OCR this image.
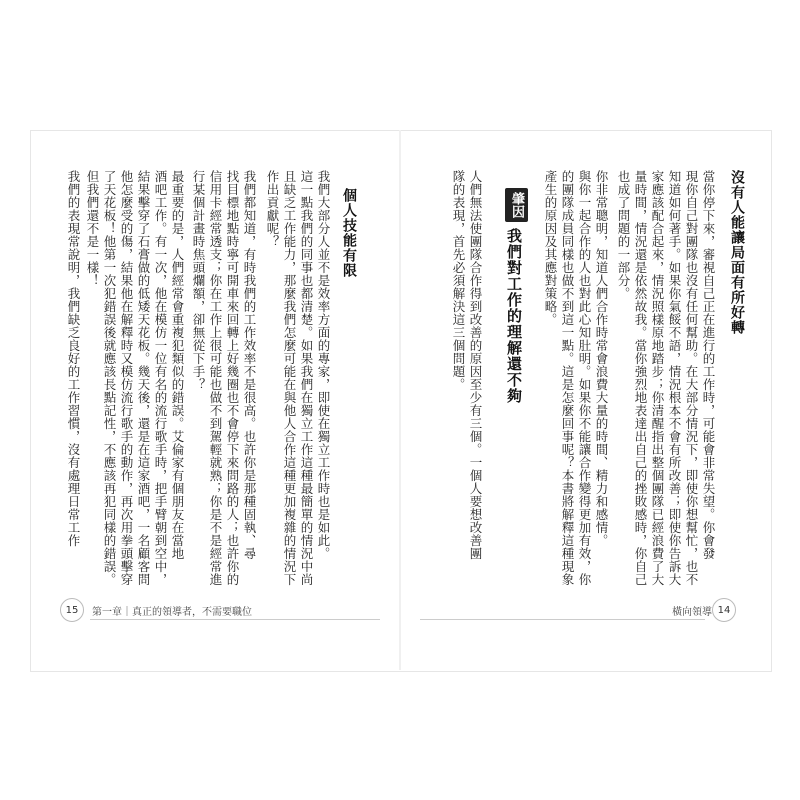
沒有人能讓局面有所好轉
當你停下來，審視自己正在進行的工作時，可能會非常失望。你會發
現你自己對團隊也沒有任何幫助。在大部分情況下，即使你想幫忙，也不
知道如何著手。如果你氣餒不語，情況根本不會有所改善；即使你告訴大
家應該配合起來，情況照樣原地踏步；你清醒指出整個團隊已經浪費了大
量時間，情況還是依然故我。當你強烈地表達出自己的挫敗感時，你自己
也成了問題的一部分。
你非常聰明，知道人們合作時常會浪費大量的時間、精力和感情。
與你一起合作的人也對此心知肚明。如果你不能讓合作變得更加有效，你
的團隊成員同樣也做不到這一點。這是怎麼回事呢？本書將解釋這種現象
產生的原因及其應對策略。
肇因
我們對工作的理解還不夠
人們無法使團隊合作得到改善的原因至少有三個。一個人要想改善團
隊的表現，首先必須解決這三個問題。
橫向領導 14
個人技能有限
我們大部分人並不是效率方面的專家，即使在獨立工作時也是如此。
這一點我們的同事也都清楚。如果我們在獨立工作這種最簡單的情況中尚
且缺乏工作能力，那麼我們怎麼可能在與他人合作這種更加複雜的情況下
作出貢獻呢？
我們都知道，有時我們的工作效率不是很高。也許你是那種固執、尋
找目標地點時寧可開車來回轉上好幾圈也不會停下來問路的人；也許你的
信用卡經常透支；你在工作上很可能也做不到駕輕就熟；你是不是經常進
行某個計畫時焦頭爛額，卻無從下手？
最重要的是，人們經常會重複犯類似的錯誤。艾倫家有個朋友在當地
酒吧工作。有一次，他在模仿一位有名的流行歌手時，把手臂朝到空中，
結果擊穿了石膏做的低矮天花板。幾天後，還是在這家酒吧，一名顧客問
他怎麼受的傷，結果他在解釋時又模仿流行歌手的動作，再次用拳頭擊穿
了天花板！他第一次犯錯誤後就應該長點記性，不應該再犯同樣的錯誤。
但我們還不是一樣！
我們的表現常說明，我們缺乏良好的工作習慣，沒有處理日常工作
15	第一章｜真正的領導者，不需要職位
